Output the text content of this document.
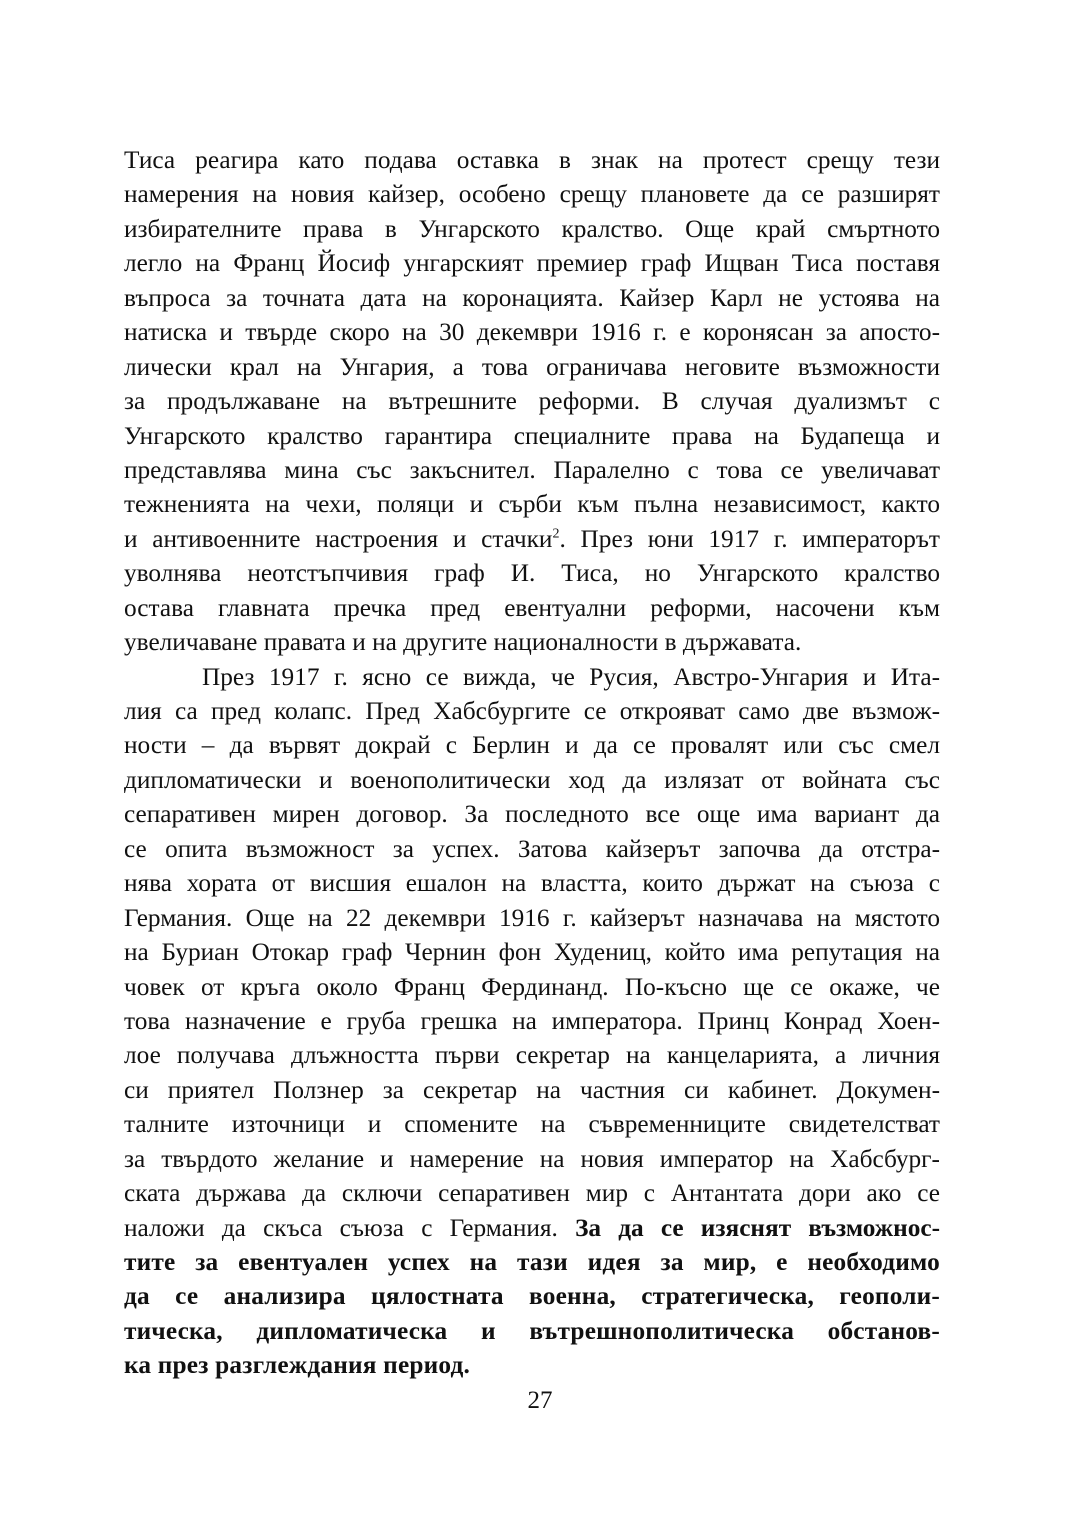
Тиса реагира като подава оставка в знак на протест срещу тези
намерения на новия кайзер, особено срещу плановете да се разширят
избирателните права в Унгарското кралство. Още край смъртното
легло на Франц Йосиф унгарският премиер граф Ищван Тиса поставя
въпроса за точната дата на коронацията. Кайзер Карл не устоява на
натиска и твърде скоро на 30 декември 1916 г. е коронясан за апосто-
лически крал на Унгария, а това ограничава неговите възможности
за продължаване на вътрешните реформи. В случая дуализмът с
Унгарското кралство гарантира специалните права на Будапеща и
представлява мина със закъснител. Паралелно с това се увеличават
тежненията на чехи, поляци и сърби към пълна независимост, както
и антивоенните настроения и стачки$^2$. През юни 1917 г. императорът
уволнява неотстъпчивия граф И. Тиса, но Унгарското кралство
остава главната пречка пред евентуални реформи, насочени към
увеличаване правата и на другите националности в държавата.
През 1917 г. ясно се вижда, че Русия, Австро-Унгария и Ита-
лия са пред колапс. Пред Хабсбургите се открояват само две възмож-
ности – да вървят докрай с Берлин и да се провалят или със смел
дипломатически и военополитически ход да излязат от войната със
сепаративен мирен договор. За последното все още има вариант да
се опита възможност за успех. Затова кайзерът започва да отстра-
нява хората от висшия ешалон на властта, които държат на съюза с
Германия. Още на 22 декември 1916 г. кайзерът назначава на мястото
на Буриан Отокар граф Чернин фон Худениц, който има репутация на
човек от кръга около Франц Фердинанд. По-късно ще се окаже, че
това назначение е груба грешка на императора. Принц Конрад Хоен-
лое получава длъжността първи секретар на канцеларията, а личния
си приятел Ползнер за секретар на частния си кабинет. Докумен-
талните източници и спомените на съвременниците свидетелстват
за твърдото желание и намерение на новия император на Хабсбург-
ската държава да сключи сепаративен мир с Антантата дори ако се
наложи да скъса съюза с Германия. За да се изяснят възможнос-
тите за евентуален успех на тази идея за мир, е необходимо
да се анализира цялостната военна, стратегическа, геополи-
тическа, дипломатическа и вътрешнополитическа обстанов-
ка през разглеждания период.
27
